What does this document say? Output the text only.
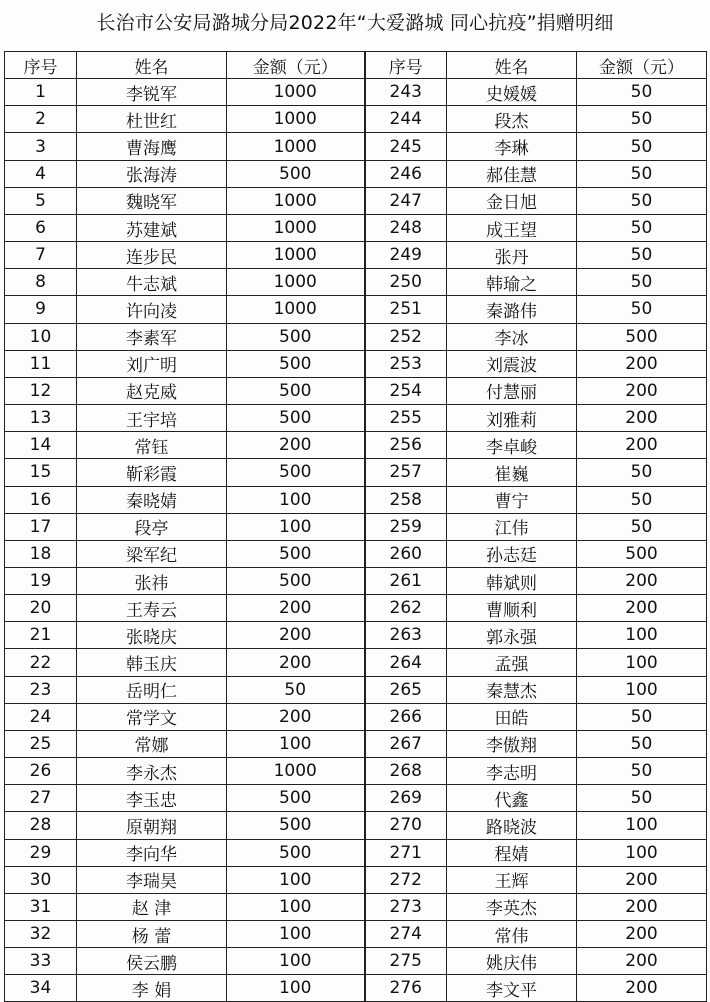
长治市公安局潞城分局2022年“大爱潞城 同心抗疫”捐赠明细
序号	姓名	金额（元）	序号	姓名	金额（元）
1	李锐军	1000	243	史媛媛	50
2	杜世红	1000	244	段杰	50
3	曹海鹰	1000	245	李琳	50
4	张海涛	500	246	郝佳慧	50
5	魏晓军	1000	247	金日旭	50
6	苏建斌	1000	248	成王望	50
7	连步民	1000	249	张丹	50
8	牛志斌	1000	250	韩瑜之	50
9	许向凌	1000	251	秦潞伟	50
10	李素军	500	252	李冰	500
11	刘广明	500	253	刘震波	200
12	赵克威	500	254	付慧丽	200
13	王宇培	500	255	刘雅莉	200
14	常钰	200	256	李卓峻	200
15	靳彩霞	500	257	崔巍	50
16	秦晓婧	100	258	曹宁	50
17	段亭	100	259	江伟	50
18	梁军纪	500	260	孙志廷	500
19	张祎	500	261	韩斌则	200
20	王寿云	200	262	曹顺利	200
21	张晓庆	200	263	郭永强	100
22	韩玉庆	200	264	孟强	100
23	岳明仁	50	265	秦慧杰	100
24	常学文	200	266	田皓	50
25	常娜	100	267	李傲翔	50
26	李永杰	1000	268	李志明	50
27	李玉忠	500	269	代鑫	50
28	原朝翔	500	270	路晓波	100
29	李向华	500	271	程婧	100
30	李瑞昊	100	272	王辉	200
31	赵 津	100	273	李英杰	200
32	杨 蕾	100	274	常伟	200
33	侯云鹏	100	275	姚庆伟	200
34	李 娟	100	276	李文平	200
